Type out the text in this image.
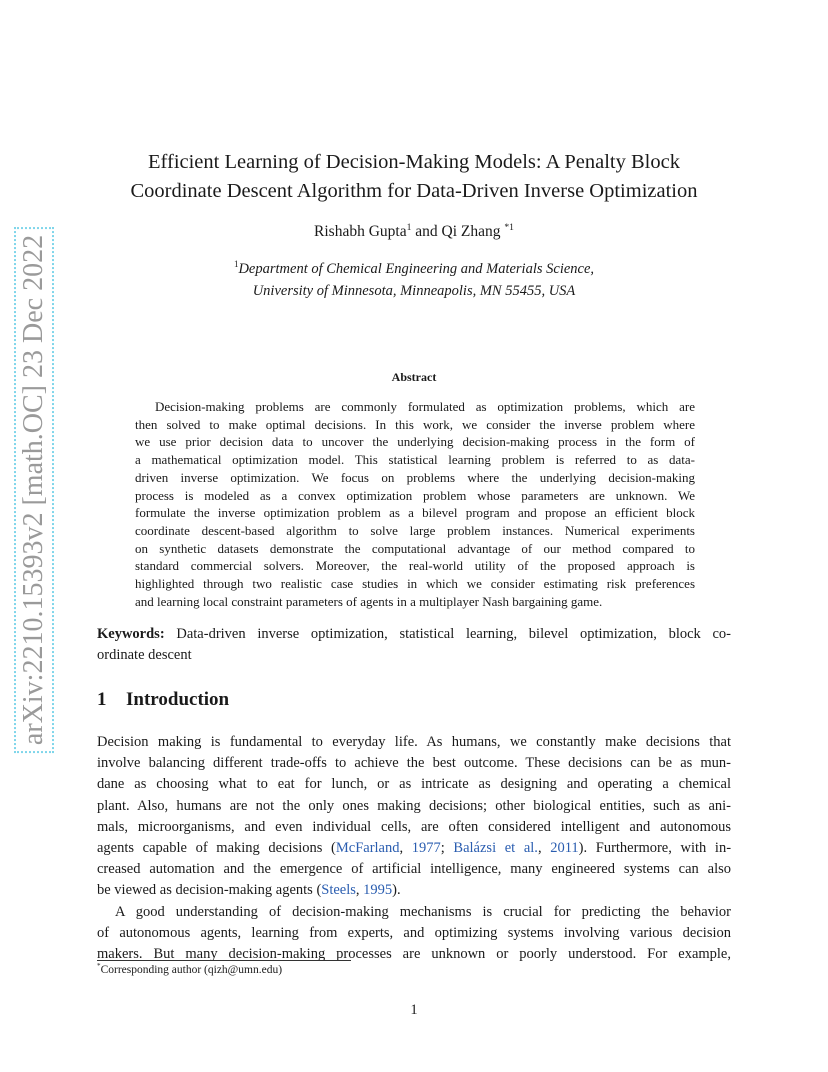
arXiv:2210.15393v2 [math.OC] 23 Dec 2022
Efficient Learning of Decision-Making Models: A Penalty Block
Coordinate Descent Algorithm for Data-Driven Inverse Optimization
Rishabh Gupta$^1$ and Qi Zhang $^{*1}$
$^1$Department of Chemical Engineering and Materials Science,
University of Minnesota, Minneapolis, MN 55455, USA
Abstract
Decision-making problems are commonly formulated as optimization problems, which are
then solved to make optimal decisions. In this work, we consider the inverse problem where
we use prior decision data to uncover the underlying decision-making process in the form of
a mathematical optimization model. This statistical learning problem is referred to as data-
driven inverse optimization. We focus on problems where the underlying decision-making
process is modeled as a convex optimization problem whose parameters are unknown. We
formulate the inverse optimization problem as a bilevel program and propose an efficient block
coordinate descent-based algorithm to solve large problem instances. Numerical experiments
on synthetic datasets demonstrate the computational advantage of our method compared to
standard commercial solvers. Moreover, the real-world utility of the proposed approach is
highlighted through two realistic case studies in which we consider estimating risk preferences
and learning local constraint parameters of agents in a multiplayer Nash bargaining game.
Keywords: Data-driven inverse optimization, statistical learning, bilevel optimization, block co-
ordinate descent
1 Introduction
Decision making is fundamental to everyday life. As humans, we constantly make decisions that
involve balancing different trade-offs to achieve the best outcome. These decisions can be as mun-
dane as choosing what to eat for lunch, or as intricate as designing and operating a chemical
plant. Also, humans are not the only ones making decisions; other biological entities, such as ani-
mals, microorganisms, and even individual cells, are often considered intelligent and autonomous
agents capable of making decisions (McFarland, 1977; Balázsi et al., 2011). Furthermore, with in-
creased automation and the emergence of artificial intelligence, many engineered systems can also
be viewed as decision-making agents (Steels, 1995).
A good understanding of decision-making mechanisms is crucial for predicting the behavior
of autonomous agents, learning from experts, and optimizing systems involving various decision
makers. But many decision-making processes are unknown or poorly understood. For example,
*Corresponding author (qizh@umn.edu)
1
